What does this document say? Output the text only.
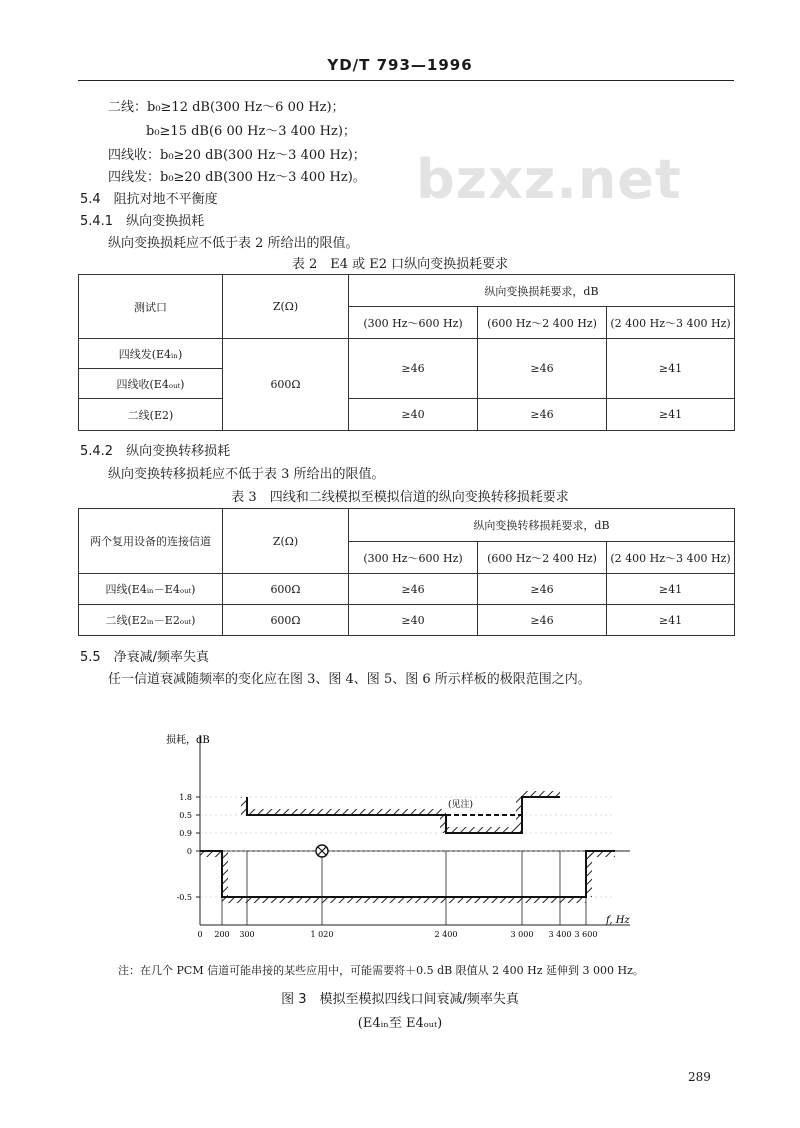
YD/T 793—1996
bzxz.net
二线：b₀≥12 dB(300 Hz～6 00 Hz)；
b₀≥15 dB(6 00 Hz～3 400 Hz)；
四线收：b₀≥20 dB(300 Hz～3 400 Hz)；
四线发：b₀≥20 dB(300 Hz～3 400 Hz)。
5.4　阻抗对地不平衡度
5.4.1　纵向变换损耗
纵向变换损耗应不低于表 2 所给出的限值。
表 2　E4 或 E2 口纵向变换损耗要求
测试口	Z(Ω)	纵向变换损耗要求，dB		
		(300 Hz～600 Hz)	(600 Hz～2 400 Hz)	(2 400 Hz～3 400 Hz)
四线发(E4ᵢₙ)	600Ω	≥46	≥46	≥41
四线收(E4ₒᵤₜ)				
二线(E2)		≥40	≥46	≥41
5.4.2　纵向变换转移损耗
纵向变换转移损耗应不低于表 3 所给出的限值。
表 3　四线和二线模拟至模拟信道的纵向变换转移损耗要求
两个复用设备的连接信道	Z(Ω)	纵向变换转移损耗要求，dB		
		(300 Hz～600 Hz)	(600 Hz～2 400 Hz)	(2 400 Hz～3 400 Hz)
四线(E4ᵢₙ－E4ₒᵤₜ)	600Ω	≥46	≥46	≥41
二线(E2ᵢₙ－E2ₒᵤₜ)	600Ω	≥40	≥46	≥41
5.5　净衰减/频率失真
任一信道衰减随频率的变化应在图 3、图 4、图 5、图 6 所示样板的极限范围之内。
损耗，dB
f, Hz
(见注)
1.8
0.9
0.5
0
-0.5
0 200 300	1 020	2 400	3 000 3 400 3 600
注：在几个 PCM 信道可能串接的某些应用中，可能需要将＋0.5 dB 限值从 2 400 Hz 延伸到 3 000 Hz。
图 3　模拟至模拟四线口间衰减/频率失真
(E4ᵢₙ至 E4ₒᵤₜ)
289
